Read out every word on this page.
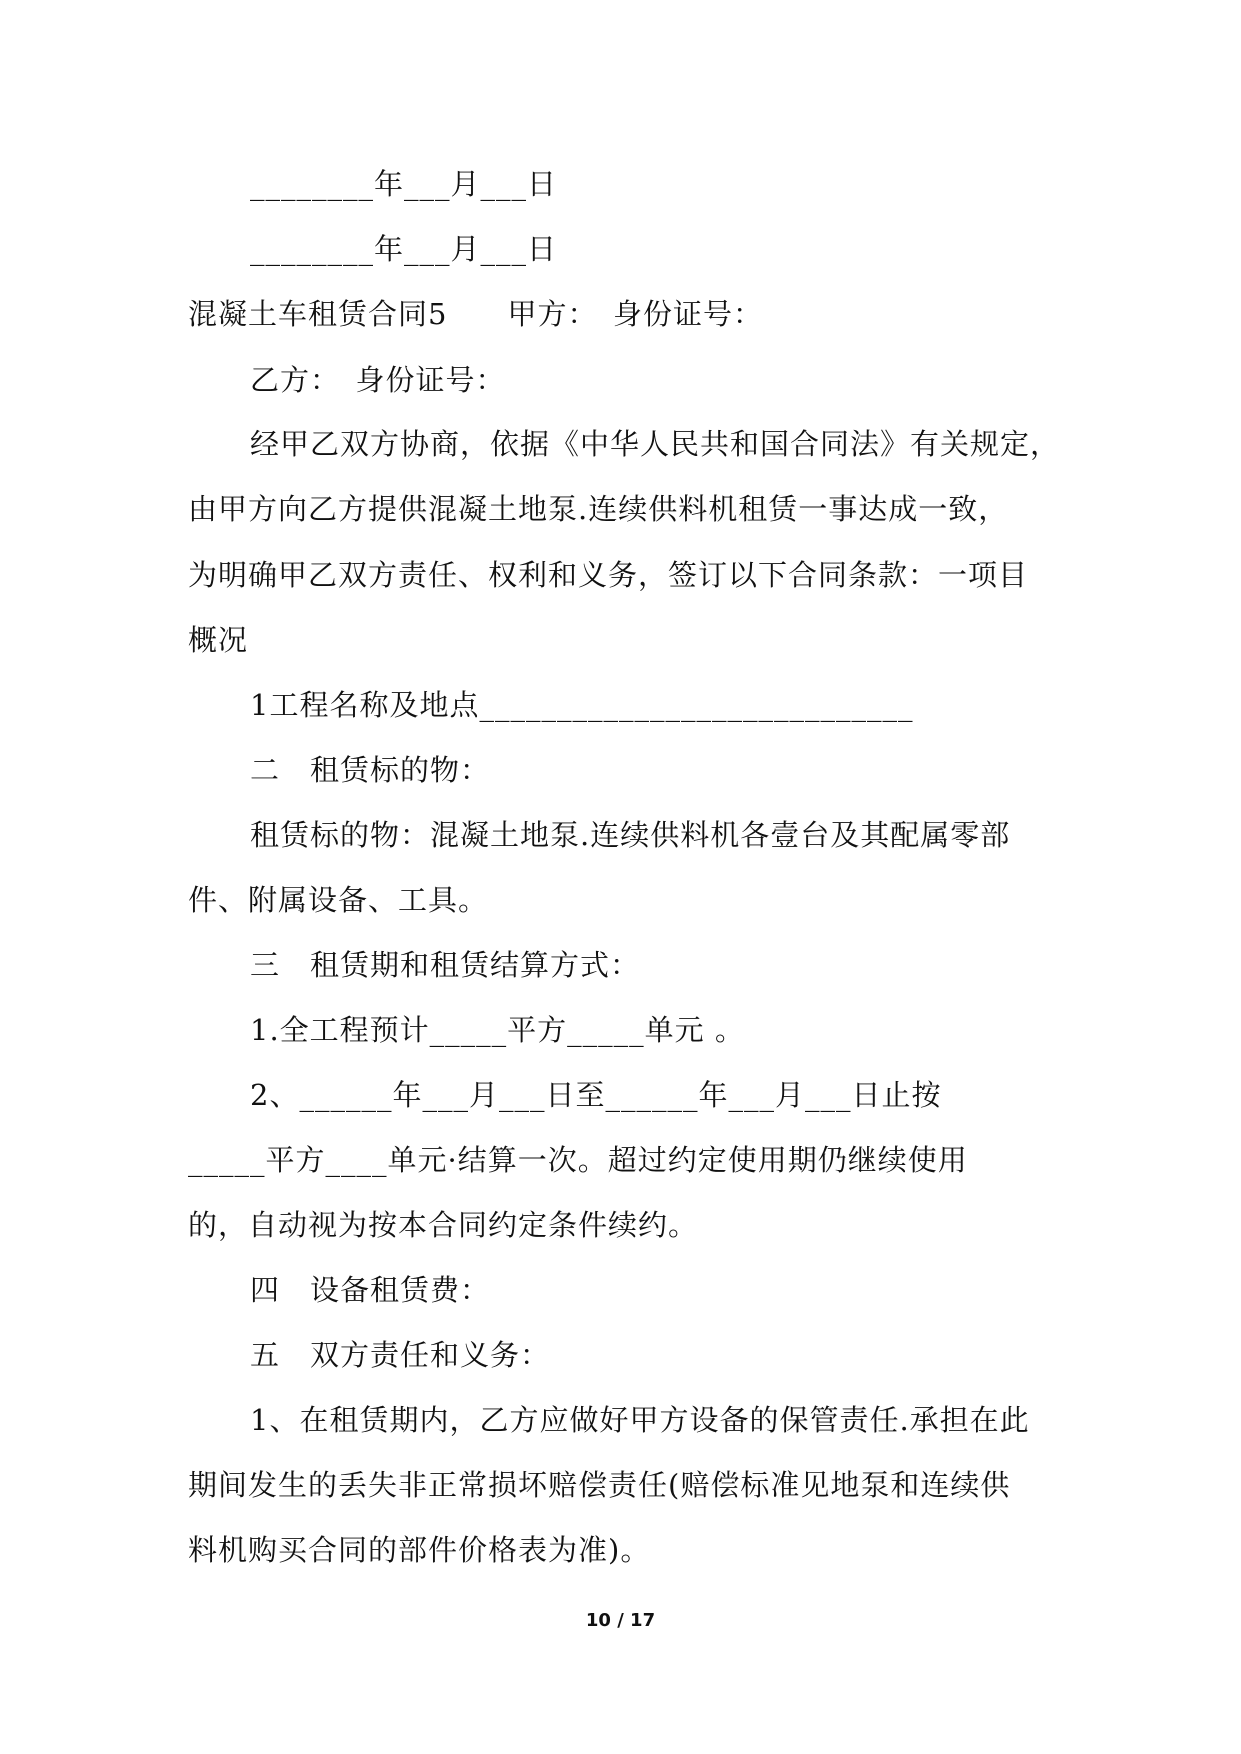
________年___月___日
________年___月___日
混凝土车租赁合同5　　甲方：　身份证号：
乙方：　身份证号：
经甲乙双方协商，依据《中华人民共和国合同法》有关规定，
由甲方向乙方提供混凝土地泵.连续供料机租赁一事达成一致，
为明确甲乙双方责任、权利和义务，签订以下合同条款：一项目
概况
1工程名称及地点____________________________
二　租赁标的物：
租赁标的物：混凝土地泵.连续供料机各壹台及其配属零部
件、附属设备、工具。
三　租赁期和租赁结算方式：
1.全工程预计_____平方_____单元 。
2、______年___月___日至______年___月___日止按
_____平方____单元·结算一次。超过约定使用期仍继续使用
的，自动视为按本合同约定条件续约。
四　设备租赁费：
五　双方责任和义务：
1、在租赁期内，乙方应做好甲方设备的保管责任.承担在此
期间发生的丢失非正常损坏赔偿责任(赔偿标准见地泵和连续供
料机购买合同的部件价格表为准)。
10 / 17
